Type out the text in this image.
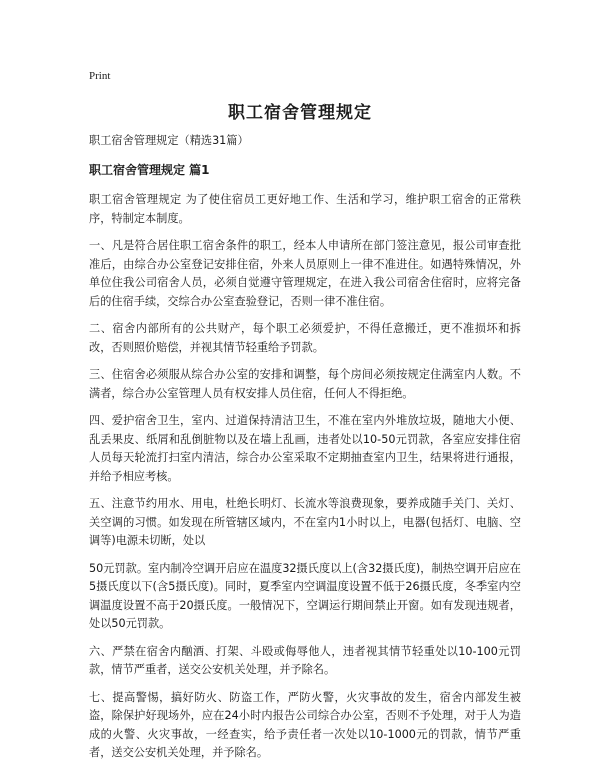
Print
职工宿舍管理规定

职工宿舍管理规定（精选31篇）

职工宿舍管理规定 篇1

职工宿舍管理规定 为了使住宿员工更好地工作、生活和学习，维护职工宿舍的正常秩序，特制定本制度。

一、凡是符合居住职工宿舍条件的职工，经本人申请所在部门签注意见，报公司审查批准后，由综合办公室登记安排住宿，外来人员原则上一律不准进住。如遇特殊情况，外单位住我公司宿舍人员，必须自觉遵守管理规定，在进入我公司宿舍住宿时，应将完备后的住宿手续，交综合办公室查验登记，否则一律不准住宿。

二、宿舍内部所有的公共财产，每个职工必须爱护，不得任意搬迁，更不准损坏和拆改，否则照价赔偿，并视其情节轻重给予罚款。

三、住宿舍必须服从综合办公室的安排和调整，每个房间必须按规定住满室内人数。不满者，综合办公室管理人员有权安排人员住宿，任何人不得拒绝。

四、爱护宿舍卫生，室内、过道保持清洁卫生，不准在室内外堆放垃圾，随地大小便、乱丢果皮、纸屑和乱倒脏物以及在墙上乱画，违者处以10-50元罚款，各室应安排住宿人员每天轮流打扫室内清洁，综合办公室采取不定期抽查室内卫生，结果将进行通报，并给予相应考核。

五、注意节约用水、用电，杜绝长明灯、长流水等浪费现象，要养成随手关门、关灯、关空调的习惯。如发现在所管辖区域内，不在室内1小时以上，电器(包括灯、电脑、空调等)电源未切断，处以

50元罚款。室内制冷空调开启应在温度32摄氏度以上(含32摄氏度)，制热空调开启应在5摄氏度以下(含5摄氏度)。同时，夏季室内空调温度设置不低于26摄氏度，冬季室内空调温度设置不高于20摄氏度。一般情况下，空调运行期间禁止开窗。如有发现违规者，处以50元罚款。

六、严禁在宿舍内酗酒、打架、斗殴或侮辱他人，违者视其情节轻重处以10-100元罚款，情节严重者，送交公安机关处理，并予除名。

七、提高警惕，搞好防火、防盗工作，严防火警，火灾事故的发生，宿舍内部发生被盗，除保护好现场外，应在24小时内报告公司综合办公室，否则不予处理，对于人为造成的火警、火灾事故，一经查实，给予责任者一次处以10-1000元的罚款，情节严重者，送交公安机关处理，并予除名。
